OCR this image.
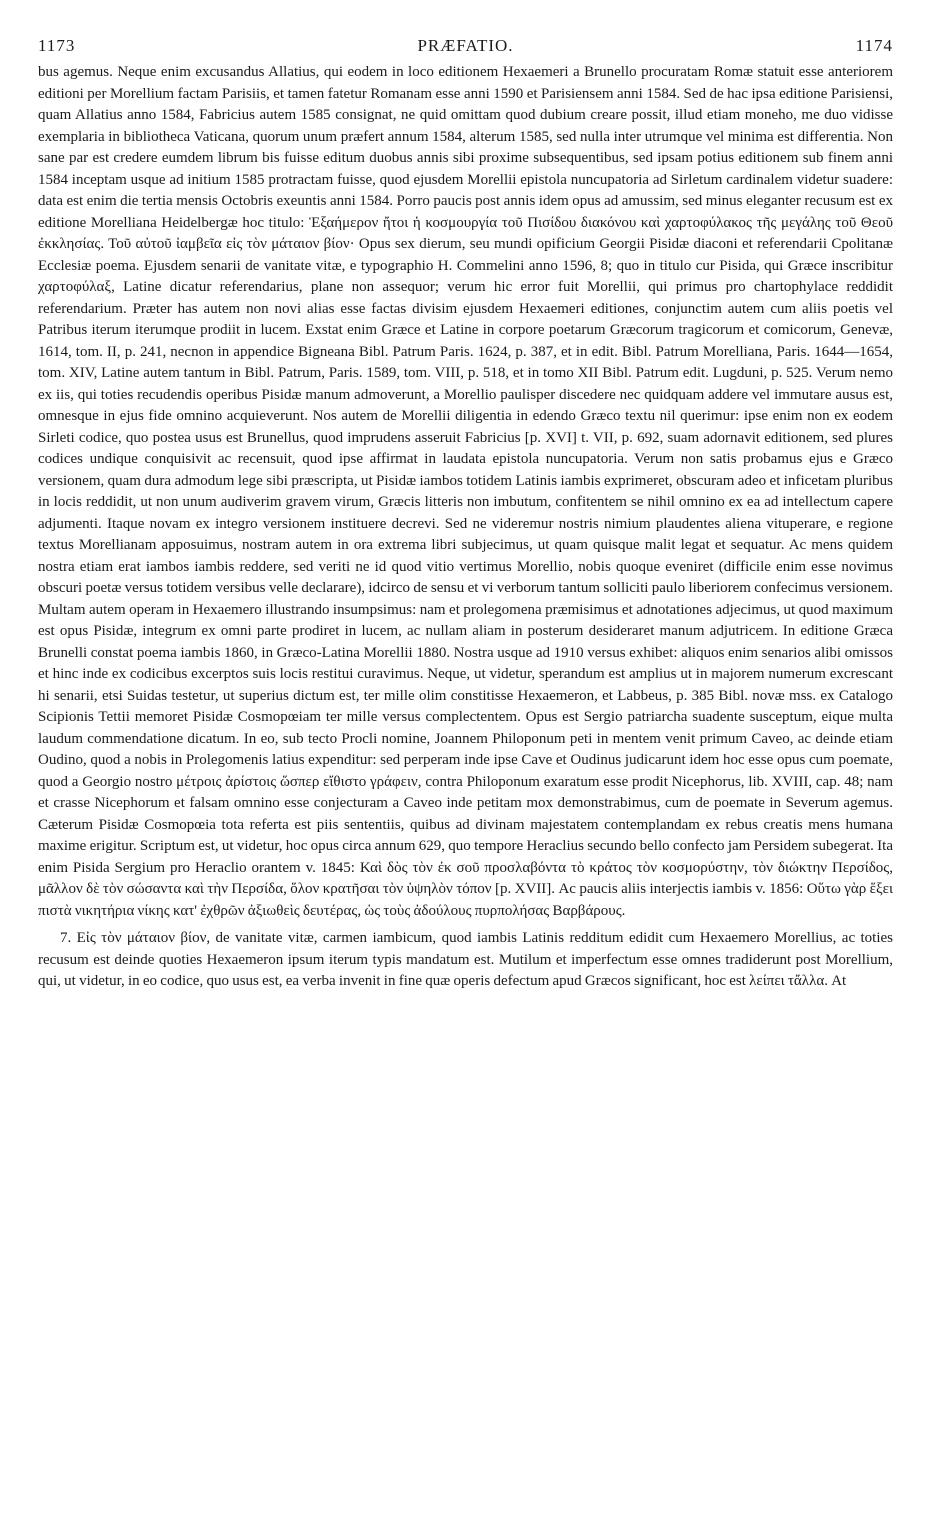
1173	PRÆFATIO.	1174

bus agemus. Neque enim excusandus Allatius, qui eodem in loco editionem Hexaemeri a Brunello procuratam Romæ statuit esse anteriorem editioni per Morellium factam Parisiis, et tamen fatetur Romanam esse anni 1590 et Parisiensem anni 1584. Sed de hac ipsa editione Parisiensi, quam Allatius anno 1584, Fabricius autem 1585 consignat, ne quid omittam quod dubium creare possit, illud etiam moneho, me duo vidisse exemplaria in bibliotheca Vaticana, quorum unum præfert annum 1584, alterum 1585, sed nulla inter utrumque vel minima est differentia. Non sane par est credere eumdem librum bis fuisse editum duobus annis sibi proxime subsequentibus, sed ipsam potius editionem sub finem anni 1584 inceptam usque ad initium 1585 protractam fuisse, quod ejusdem Morellii epistola nuncupatoria ad Sirletum cardinalem videtur suadere: data est enim die tertia mensis Octobris exeuntis anni 1584. Porro paucis post annis idem opus ad amussim, sed minus eleganter recusum est ex editione Morelliana Heidelbergæ hoc titulo: Ἑξαήμερον ἤτοι ἡ κοσμουργία τοῦ Πισίδου διακόνου καὶ χαρτοφύλακος τῆς μεγάλης τοῦ Θεοῦ ἐκκλησίας. Τοῦ αὐτοῦ ἰαμβεῖα εἰς τὸν μάταιον βίον· Opus sex dierum, seu mundi opificium Georgii Pisidæ diaconi et referendarii Cpolitanæ Ecclesiæ poema. Ejusdem senarii de vanitate vitæ, e typographio H. Commelini anno 1596, 8; quo in titulo cur Pisida, qui Græce inscribitur χαρτοφύλαξ, Latine dicatur referendarius, plane non assequor; verum hic error fuit Morellii, qui primus pro chartophylace reddidit referendarium. Præter has autem non novi alias esse factas divisim ejusdem Hexaemeri editiones, conjunctim autem cum aliis poetis vel Patribus iterum iterumque prodiit in lucem. Exstat enim Græce et Latine in corpore poetarum Græcorum tragicorum et comicorum, Genevæ, 1614, tom. II, p. 241, necnon in appendice Bigneana Bibl. Patrum Paris. 1624, p. 387, et in edit. Bibl. Patrum Morelliana, Paris. 1644—1654, tom. XIV, Latine autem tantum in Bibl. Patrum, Paris. 1589, tom. VIII, p. 518, et in tomo XII Bibl. Patrum edit. Lugduni, p. 525. Verum nemo ex iis, qui toties recudendis operibus Pisidæ manum admoverunt, a Morellio paulisper discedere nec quidquam addere vel immutare ausus est, omnesque in ejus fide omnino acquieverunt. Nos autem de Morellii diligentia in edendo Græco textu nil querimur: ipse enim non ex eodem Sirleti codice, quo postea usus est Brunellus, quod imprudens asseruit Fabricius [p. XVI] t. VII, p. 692, suam adornavit editionem, sed plures codices undique conquisivit ac recensuit, quod ipse affirmat in laudata epistola nuncupatoria. Verum non satis probamus ejus e Græco versionem, quam dura admodum lege sibi præscripta, ut Pisidæ iambos totidem Latinis iambis exprimeret, obscuram adeo et inficetam pluribus in locis reddidit, ut non unum audiverim gravem virum, Græcis litteris non imbutum, confitentem se nihil omnino ex ea ad intellectum capere adjumenti. Itaque novam ex integro versionem instituere decrevi. Sed ne videremur nostris nimium plaudentes aliena vituperare, e regione textus Morellianam apposuimus, nostram autem in ora extrema libri subjecimus, ut quam quisque malit legat et sequatur. Ac mens quidem nostra etiam erat iambos iambis reddere, sed veriti ne id quod vitio vertimus Morellio, nobis quoque eveniret (difficile enim esse novimus obscuri poetæ versus totidem versibus velle declarare), idcirco de sensu et vi verborum tantum solliciti paulo liberiorem confecimus versionem. Multam autem operam in Hexaemero illustrando insumpsimus: nam et prolegomena præmisimus et adnotationes adjecimus, ut quod maximum est opus Pisidæ, integrum ex omni parte prodiret in lucem, ac nullam aliam in posterum desideraret manum adjutricem. In editione Græca Brunelli constat poema iambis 1860, in Græco-Latina Morellii 1880. Nostra usque ad 1910 versus exhibet: aliquos enim senarios alibi omissos et hinc inde ex codicibus excerptos suis locis restitui curavimus. Neque, ut videtur, sperandum est amplius ut in majorem numerum excrescant hi senarii, etsi Suidas testetur, ut superius dictum est, ter mille olim constitisse Hexaemeron, et Labbeus, p. 385 Bibl. novæ mss. ex Catalogo Scipionis Tettii memoret Pisidæ Cosmopœiam ter mille versus complectentem. Opus est Sergio patriarcha suadente susceptum, eique multa laudum commendatione dicatum. In eo, sub tecto Procli nomine, Joannem Philoponum peti in mentem venit primum Caveo, ac deinde etiam Oudino, quod a nobis in Prolegomenis latius expenditur: sed perperam inde ipse Cave et Oudinus judicarunt idem hoc esse opus cum poemate, quod a Georgio nostro μέτροις ἀρίστοις ὥσπερ εἴθιστο γράφειν, contra Philoponum exaratum esse prodit Nicephorus, lib. XVIII, cap. 48; nam et crasse Nicephorum et falsam omnino esse conjecturam a Caveo inde petitam mox demonstrabimus, cum de poemate in Severum agemus. Cæterum Pisidæ Cosmopœia tota referta est piis sententiis, quibus ad divinam majestatem contemplandam ex rebus creatis mens humana maxime erigitur. Scriptum est, ut videtur, hoc opus circa annum 629, quo tempore Heraclius secundo bello confecto jam Persidem subegerat. Ita enim Pisida Sergium pro Heraclio orantem v. 1845: Καὶ δὸς τὸν ἐκ σοῦ προσλαβόντα τὸ κράτος τὸν κοσμορύστην, τὸν διώκτην Περσίδος, μᾶλλον δὲ τὸν σώσαντα καὶ τὴν Περσίδα, ὅλον κρατῆσαι τὸν ὑψηλὸν τόπον [p. XVII]. Ac paucis aliis interjectis iambis v. 1856: Οὕτω γὰρ ἕξει πιστὰ νικητήρια νίκης κατ' ἐχθρῶν ἀξιωθεὶς δευτέρας, ὡς τοὺς ἀδούλους πυρπολήσας Βαρβάρους.

7. Εἰς τὸν μάταιον βίον, de vanitate vitæ, carmen iambicum, quod iambis Latinis redditum edidit cum Hexaemero Morellius, ac toties recusum est deinde quoties Hexaemeron ipsum iterum typis mandatum est. Mutilum et imperfectum esse omnes tradiderunt post Morellium, qui, ut videtur, in eo codice, quo usus est, ea verba invenit in fine quæ operis defectum apud Græcos significant, hoc est λείπει τἄλλα. At
